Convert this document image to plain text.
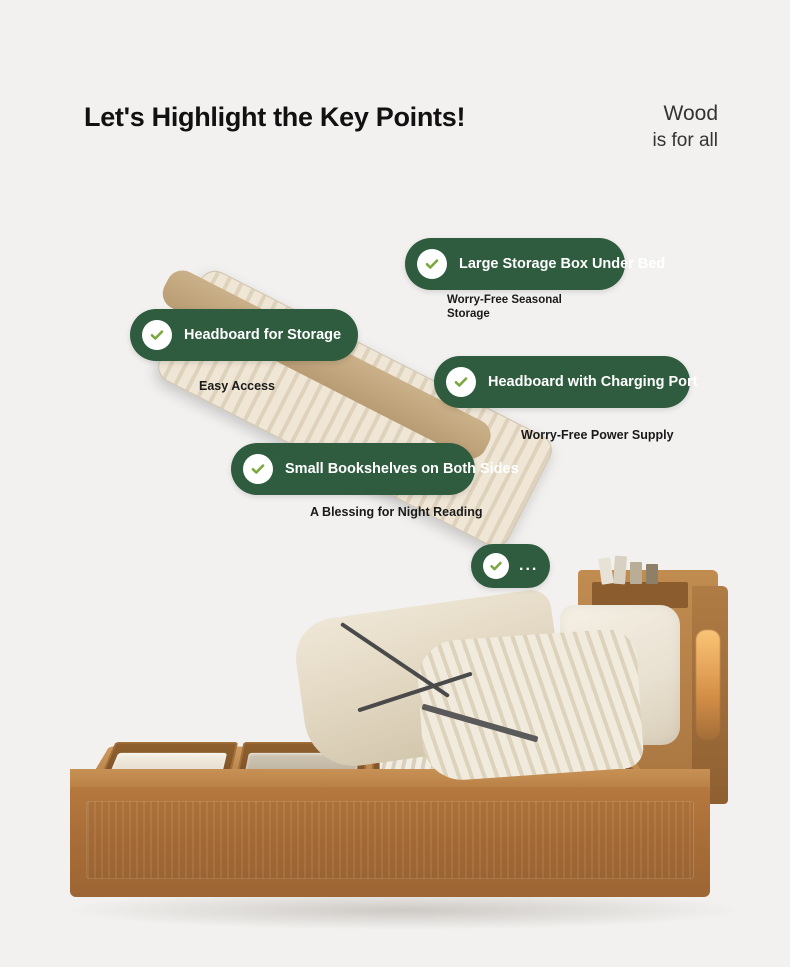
Let's Highlight the Key Points!	Wood
is for all
Large Storage Box Under Bed
Worry-Free Seasonal Storage
Headboard for Storage
Easy Access	Headboard with Charging Port
Worry-Free Power Supply
Small Bookshelves on Both Sides
A Blessing for Night Reading
...
